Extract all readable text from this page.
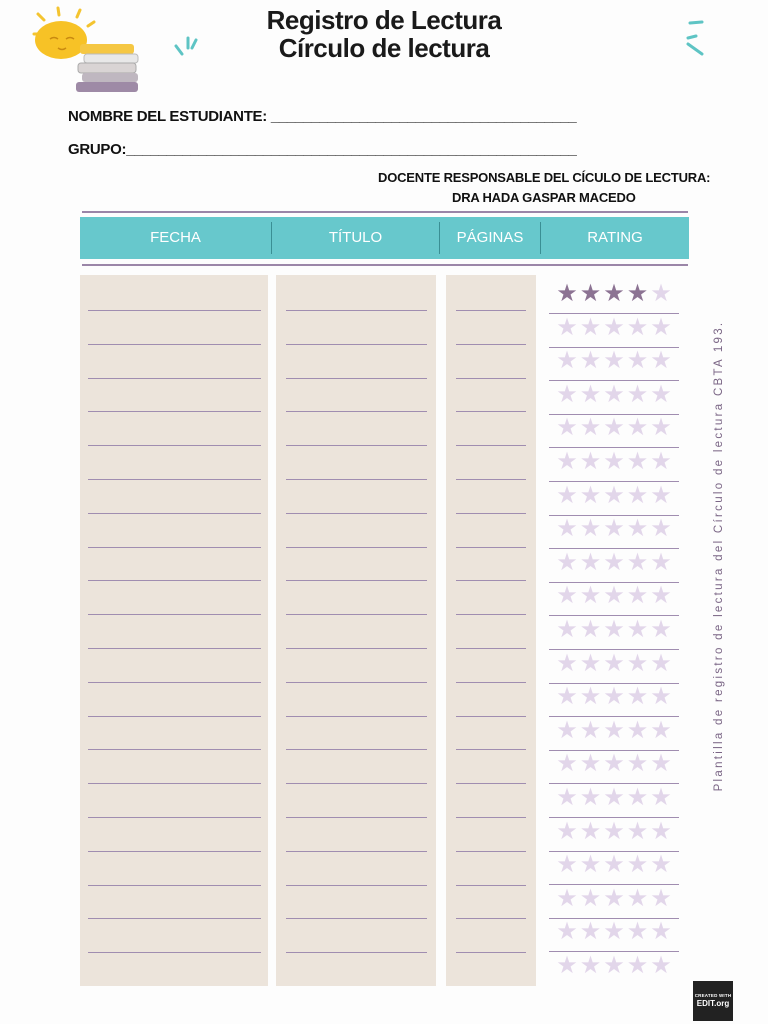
Registro de Lectura
Círculo de lectura
NOMBRE DEL ESTUDIANTE: ______________________________________
GRUPO:________________________________________________________
DOCENTE RESPONSABLE DEL CÍCULO DE LECTURA:
DRA HADA GASPAR MACEDO
FECHA	TÍTULO	PÁGINAS	RATING
★ ★ ★ ★ ★
★ ★ ★ ★ ★
★ ★ ★ ★ ★
★ ★ ★ ★ ★
★ ★ ★ ★ ★
★ ★ ★ ★ ★
★ ★ ★ ★ ★
★ ★ ★ ★ ★
★ ★ ★ ★ ★
★ ★ ★ ★ ★
★ ★ ★ ★ ★
★ ★ ★ ★ ★
★ ★ ★ ★ ★
★ ★ ★ ★ ★
★ ★ ★ ★ ★
★ ★ ★ ★ ★
★ ★ ★ ★ ★
★ ★ ★ ★ ★
★ ★ ★ ★ ★
★ ★ ★ ★ ★
★ ★ ★ ★ ★
Plantilla de registro de lectura del Círculo de lectura CBTA 193.
CREATED WITH
EDIT.org
